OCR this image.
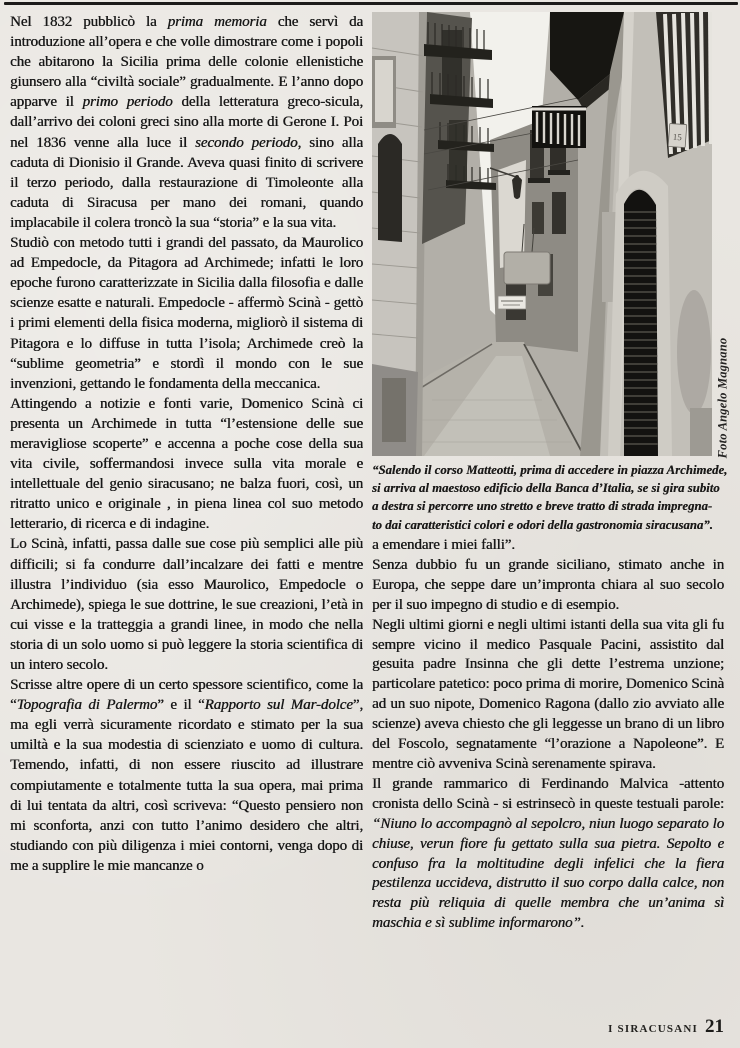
Nel 1832 pubblicò la prima memoria che servì da introduzione all’opera e che volle dimostrare come i popoli che abitarono la Sicilia prima delle colonie ellenistiche giunsero alla “civiltà sociale” gradualmente. E l’anno dopo apparve il primo periodo della letteratura greco-sicula, dall’arrivo dei coloni greci sino alla morte di Gerone I. Poi nel 1836 venne alla luce il secondo periodo, sino alla caduta di Dionisio il Grande. Aveva quasi finito di scrivere il terzo periodo, dalla restaurazione di Timoleonte alla caduta di Siracusa per mano dei romani, quando implacabile il colera troncò la sua “storia” e la sua vita.

Studiò con metodo tutti i grandi del passato, da Maurolico ad Empedocle, da Pitagora ad Archimede; infatti le loro epoche furono caratterizzate in Sicilia dalla filosofia e dalle scienze esatte e naturali. Empedocle - affermò Scinà - gettò i primi elementi della fisica moderna, migliorò il sistema di Pitagora e lo diffuse in tutta l’isola; Archimede creò la “sublime geometria” e stordì il mondo con le sue invenzioni, gettando le fondamenta della meccanica.

Attingendo a notizie e fonti varie, Domenico Scinà ci presenta un Archimede in tutta “l’estensione delle sue meravigliose scoperte” e accenna a poche cose della sua vita civile, soffermandosi invece sulla vita morale e intellettuale del genio siracusano; ne balza fuori, così, un ritratto unico e originale , in piena linea col suo metodo letterario, di ricerca e di indagine.

Lo Scinà, infatti, passa dalle sue cose più semplici alle più difficili; si fa condurre dall’incalzare dei fatti e mentre illustra l’individuo (sia esso Maurolico, Empedocle o Archimede), spiega le sue dottrine, le sue creazioni, l’età in cui visse e la tratteggia a grandi linee, in modo che nella storia di un solo uomo si può leggere la storia scientifica di un intero secolo.

Scrisse altre opere di un certo spessore scientifico, come la “Topografia di Palermo” e il “Rapporto sul Mar-dolce”, ma egli verrà sicuramente ricordato e stimato per la sua umiltà e la sua modestia di scienziato e uomo di cultura. Temendo, infatti, di non essere riuscito ad illustrare compiutamente e totalmente tutta la sua opera, mai prima di lui tentata da altri, così scriveva: “Questo pensiero non mi sconforta, anzi con tutto l’animo desidero che altri, studiando con più diligenza i miei contorni, venga dopo di me a supplire le mie mancanze o

15
Foto Angelo Magnano
“Salendo il corso Matteotti, prima di accedere in piazza Archimede,
si arriva al maestoso edificio della Banca d’Italia, se si gira subito
a destra si percorre uno stretto e breve tratto di strada impregna-
to dai caratteristici colori e odori della gastronomia siracusana”.

a emendare i miei falli”.

Senza dubbio fu un grande siciliano, stimato anche in Europa, che seppe dare un’impronta chiara al suo secolo per il suo impegno di studio e di esempio.

Negli ultimi giorni e negli ultimi istanti della sua vita gli fu sempre vicino il medico Pasquale Pacini, assistito dal gesuita padre Insinna che gli dette l’estrema unzione; particolare patetico: poco prima di morire, Domenico Scinà ad un suo nipote, Domenico Ragona (dallo zio avviato alle scienze) aveva chiesto che gli leggesse un brano di un libro del Foscolo, segnatamente “l’orazione a Napoleone”. E mentre ciò avveniva Scinà serenamente spirava.

Il grande rammarico di Ferdinando Malvica -attento cronista dello Scinà - si estrinsecò in queste testuali parole: “Niuno lo accompagnò al sepolcro, niun luogo separato lo chiuse, verun fiore fu gettato sulla sua pietra. Sepolto e confuso fra la moltitudine degli infelici che la fiera pestilenza uccideva, distrutto il suo corpo dalla calce, non resta più reliquia di quelle membra che un’anima sì maschia e sì sublime informarono”.

I SIRACUSANI 21
